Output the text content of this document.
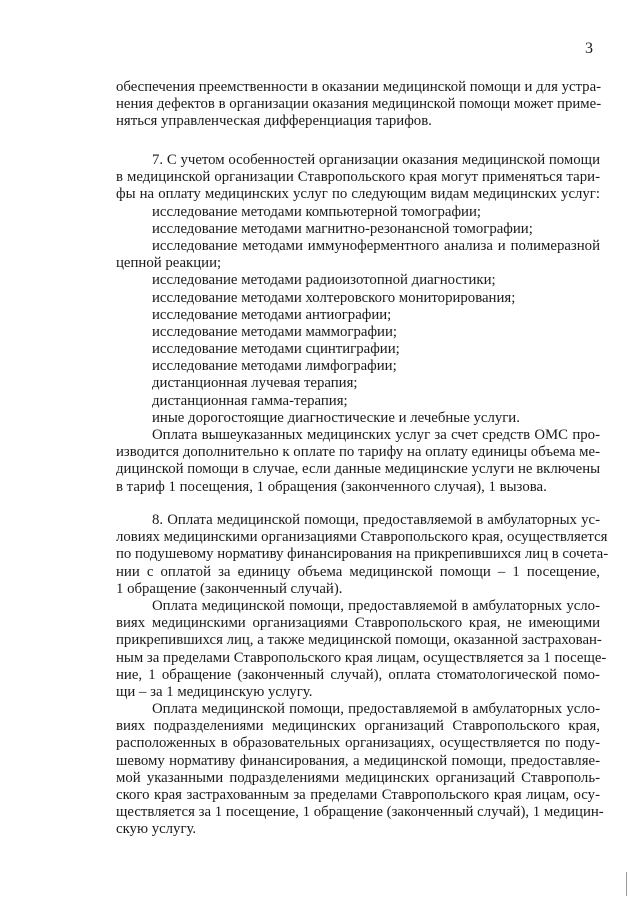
3
обеспечения преемственности в оказании медицинской помощи и для устра-
нения дефектов в организации оказания медицинской помощи может приме-
няться управленческая дифференциация тарифов.
7. С учетом особенностей организации оказания медицинской помощи
в медицинской организации Ставропольского края могут применяться тари-
фы на оплату медицинских услуг по следующим видам медицинских услуг:
исследование методами компьютерной томографии;
исследование методами магнитно-резонансной томографии;
исследование методами иммуноферментного анализа и полимеразной
цепной реакции;
исследование методами радиоизотопной диагностики;
исследование методами холтеровского мониторирования;
исследование методами антиографии;
исследование методами маммографии;
исследование методами сцинтиграфии;
исследование методами лимфографии;
дистанционная лучевая терапия;
дистанционная гамма-терапия;
иные дорогостоящие диагностические и лечебные услуги.
Оплата вышеуказанных медицинских услуг за счет средств ОМС про-
изводится дополнительно к оплате по тарифу на оплату единицы объема ме-
дицинской помощи в случае, если данные медицинские услуги не включены
в тариф 1 посещения, 1 обращения (законченного случая), 1 вызова.
8. Оплата медицинской помощи, предоставляемой в амбулаторных ус-
ловиях медицинскими организациями Ставропольского края, осуществляется
по подушевому нормативу финансирования на прикрепившихся лиц в сочета-
нии с оплатой за единицу объема медицинской помощи – 1 посещение,
1 обращение (законченный случай).
Оплата медицинской помощи, предоставляемой в амбулаторных усло-
виях медицинскими организациями Ставропольского края, не имеющими
прикрепившихся лиц, а также медицинской помощи, оказанной застрахован-
ным за пределами Ставропольского края лицам, осуществляется за 1 посеще-
ние, 1 обращение (законченный случай), оплата стоматологической помо-
щи – за 1 медицинскую услугу.
Оплата медицинской помощи, предоставляемой в амбулаторных усло-
виях подразделениями медицинских организаций Ставропольского края,
расположенных в образовательных организациях, осуществляется по поду-
шевому нормативу финансирования, а медицинской помощи, предоставляе-
мой указанными подразделениями медицинских организаций Ставрополь-
ского края застрахованным за пределами Ставропольского края лицам, осу-
ществляется за 1 посещение, 1 обращение (законченный случай), 1 медицин-
скую услугу.
